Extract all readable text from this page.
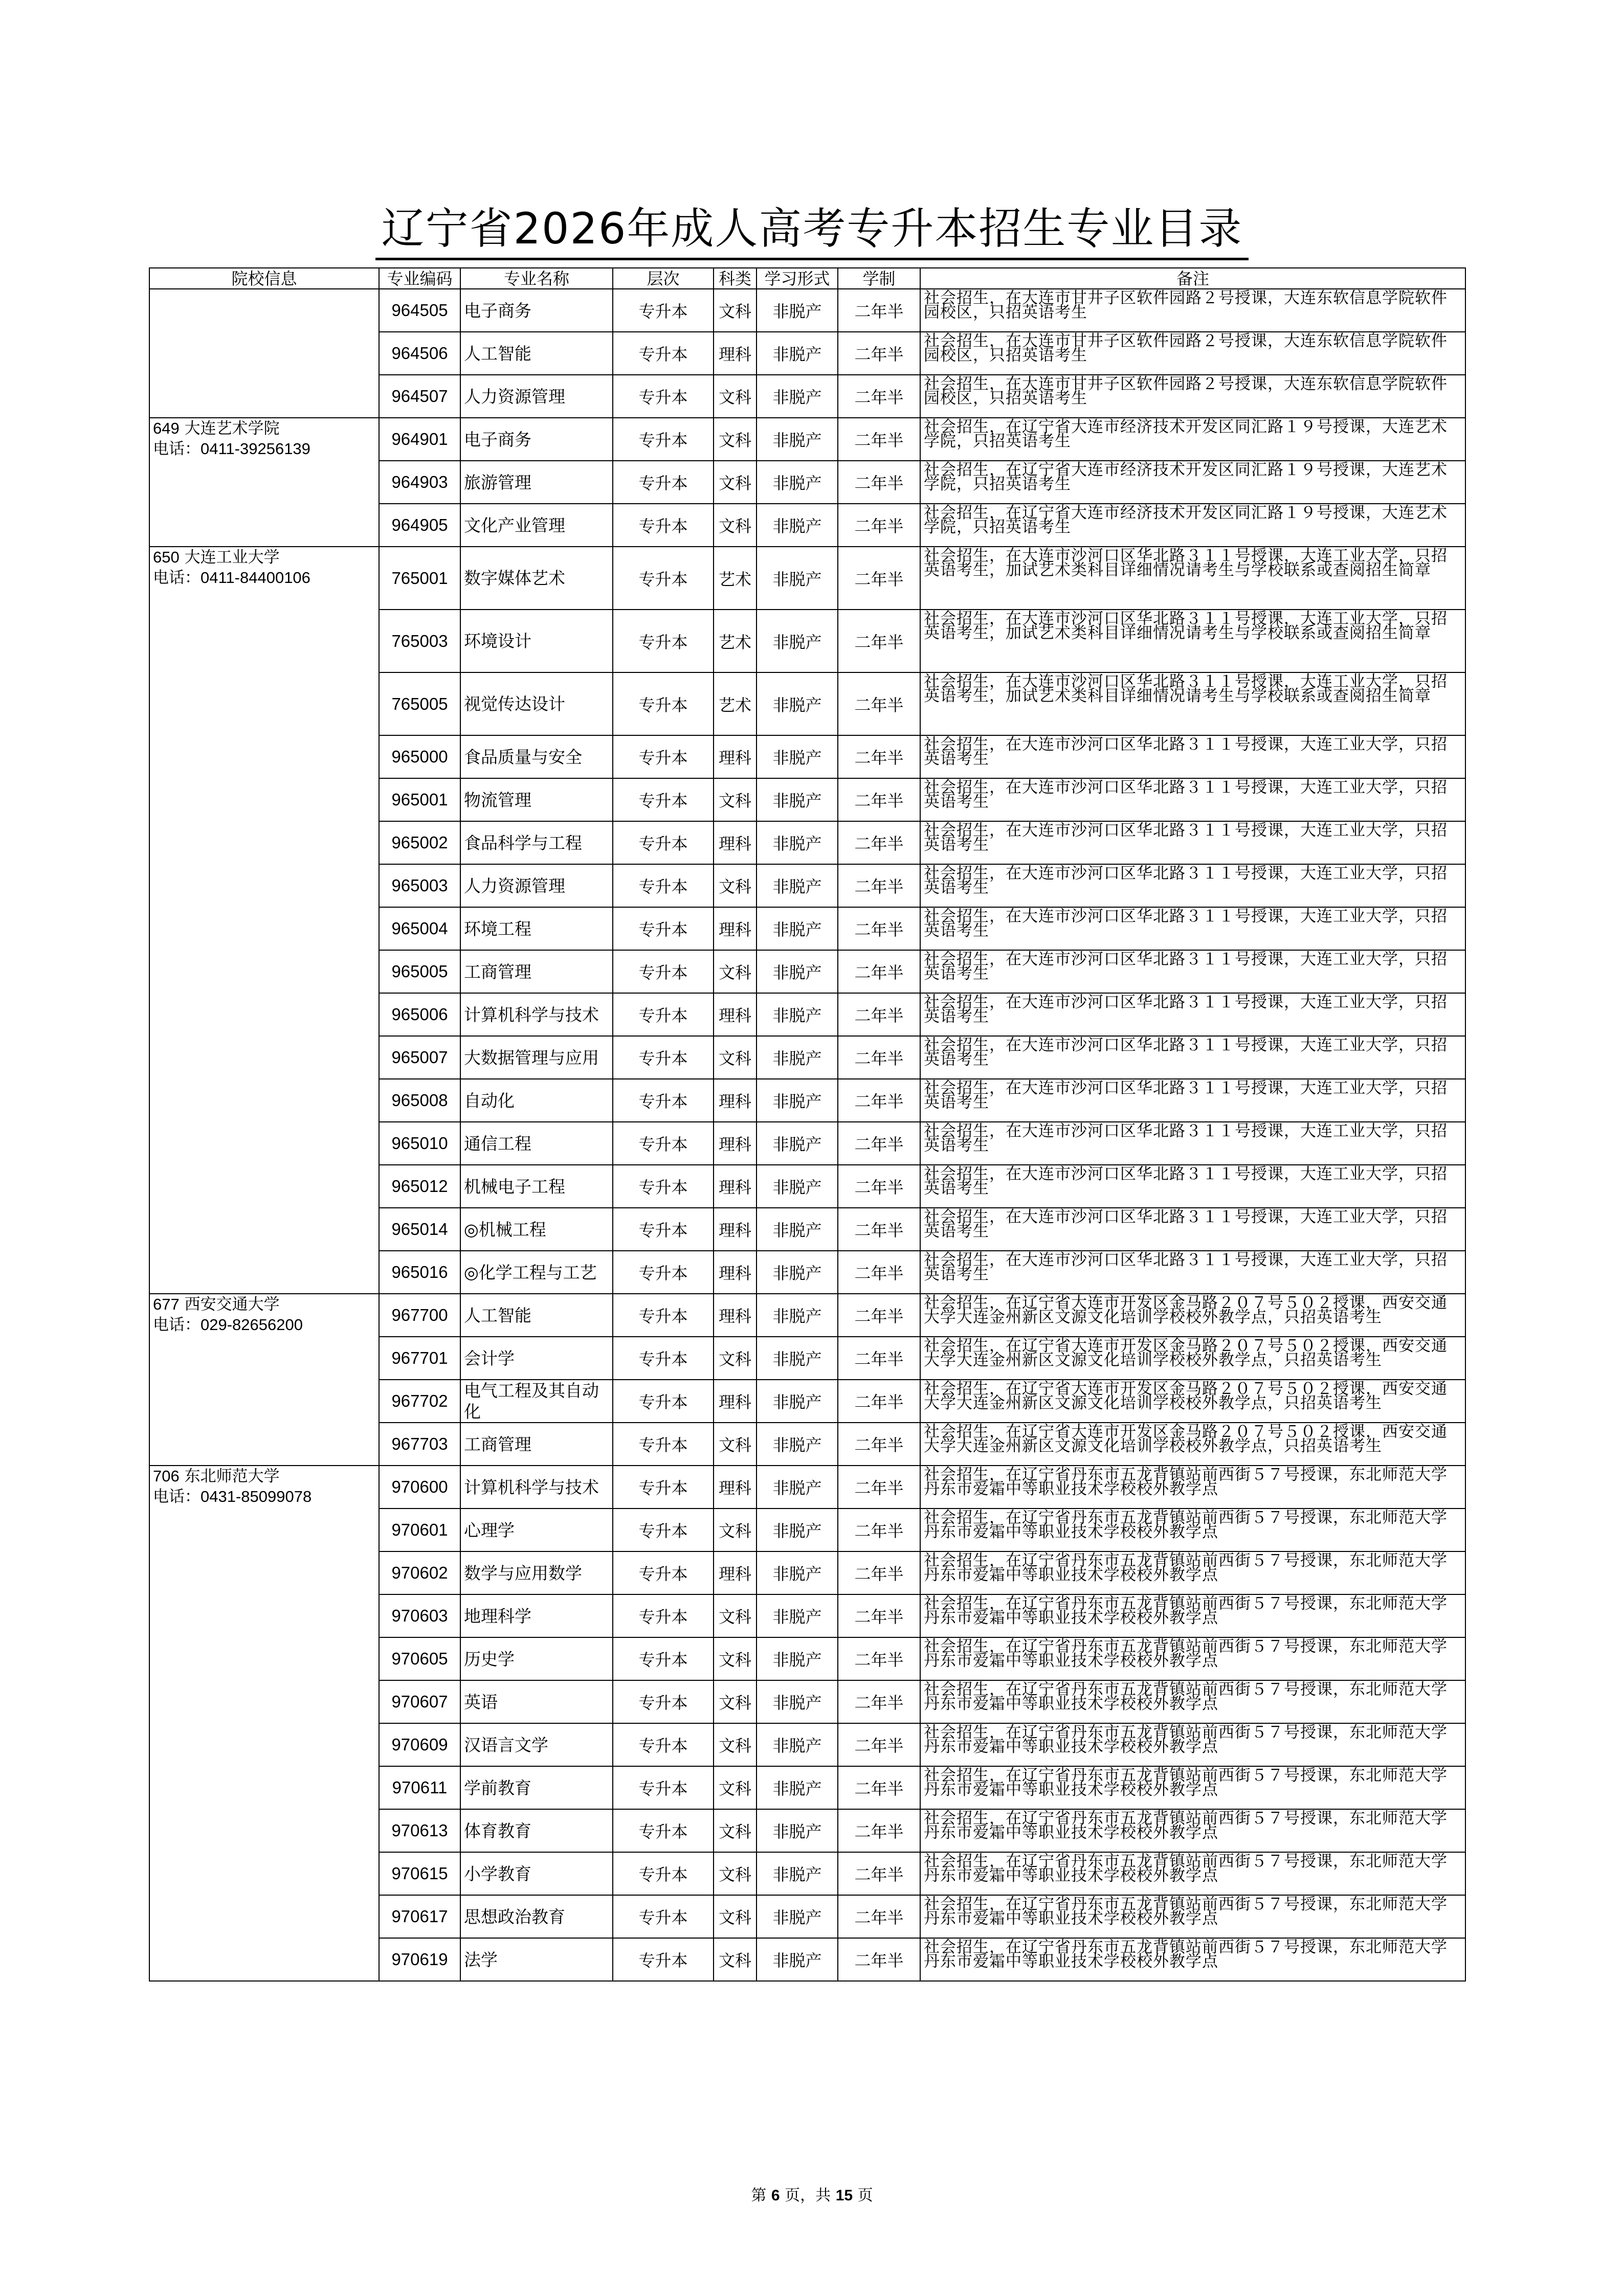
辽宁省2026年成人高考专升本招生专业目录
院校信息	专业编码	专业名称	层次	科类	学习形式	学制	备注

	964505	电子商务	专升本	文科	非脱产	二年半	社会招生，在大连市甘井子区软件园路２号授课，大连东软信息学院软件园校区，只招英语考生
	964506	人工智能	专升本	理科	非脱产	二年半	社会招生，在大连市甘井子区软件园路２号授课，大连东软信息学院软件园校区，只招英语考生
	964507	人力资源管理	专升本	文科	非脱产	二年半	社会招生，在大连市甘井子区软件园路２号授课，大连东软信息学院软件园校区，只招英语考生

649 大连艺术学院
电话：0411-39256139	964901	电子商务	专升本	文科	非脱产	二年半	社会招生，在辽宁省大连市经济技术开发区同汇路１９号授课，大连艺术学院，只招英语考生
	964903	旅游管理	专升本	文科	非脱产	二年半	社会招生，在辽宁省大连市经济技术开发区同汇路１９号授课，大连艺术学院，只招英语考生
	964905	文化产业管理	专升本	文科	非脱产	二年半	社会招生，在辽宁省大连市经济技术开发区同汇路１９号授课，大连艺术学院，只招英语考生

650 大连工业大学
电话：0411-84400106	765001	数字媒体艺术	专升本	艺术	非脱产	二年半	社会招生，在大连市沙河口区华北路３１１号授课，大连工业大学，只招英语考生，加试艺术类科目详细情况请考生与学校联系或查阅招生简章
	765003	环境设计	专升本	艺术	非脱产	二年半	社会招生，在大连市沙河口区华北路３１１号授课，大连工业大学，只招英语考生，加试艺术类科目详细情况请考生与学校联系或查阅招生简章
	765005	视觉传达设计	专升本	艺术	非脱产	二年半	社会招生，在大连市沙河口区华北路３１１号授课，大连工业大学，只招英语考生，加试艺术类科目详细情况请考生与学校联系或查阅招生简章
	965000	食品质量与安全	专升本	理科	非脱产	二年半	社会招生，在大连市沙河口区华北路３１１号授课，大连工业大学，只招英语考生
	965001	物流管理	专升本	文科	非脱产	二年半	社会招生，在大连市沙河口区华北路３１１号授课，大连工业大学，只招英语考生
	965002	食品科学与工程	专升本	理科	非脱产	二年半	社会招生，在大连市沙河口区华北路３１１号授课，大连工业大学，只招英语考生
	965003	人力资源管理	专升本	文科	非脱产	二年半	社会招生，在大连市沙河口区华北路３１１号授课，大连工业大学，只招英语考生
	965004	环境工程	专升本	理科	非脱产	二年半	社会招生，在大连市沙河口区华北路３１１号授课，大连工业大学，只招英语考生
	965005	工商管理	专升本	文科	非脱产	二年半	社会招生，在大连市沙河口区华北路３１１号授课，大连工业大学，只招英语考生
	965006	计算机科学与技术	专升本	理科	非脱产	二年半	社会招生，在大连市沙河口区华北路３１１号授课，大连工业大学，只招英语考生
	965007	大数据管理与应用	专升本	文科	非脱产	二年半	社会招生，在大连市沙河口区华北路３１１号授课，大连工业大学，只招英语考生
	965008	自动化	专升本	理科	非脱产	二年半	社会招生，在大连市沙河口区华北路３１１号授课，大连工业大学，只招英语考生
	965010	通信工程	专升本	理科	非脱产	二年半	社会招生，在大连市沙河口区华北路３１１号授课，大连工业大学，只招英语考生
	965012	机械电子工程	专升本	理科	非脱产	二年半	社会招生，在大连市沙河口区华北路３１１号授课，大连工业大学，只招英语考生
	965014	◎机械工程	专升本	理科	非脱产	二年半	社会招生，在大连市沙河口区华北路３１１号授课，大连工业大学，只招英语考生
	965016	◎化学工程与工艺	专升本	理科	非脱产	二年半	社会招生，在大连市沙河口区华北路３１１号授课，大连工业大学，只招英语考生

677 西安交通大学
电话：029-82656200	967700	人工智能	专升本	理科	非脱产	二年半	社会招生，在辽宁省大连市开发区金马路２０７号５０２授课，西安交通大学大连金州新区文源文化培训学校校外教学点，只招英语考生
	967701	会计学	专升本	文科	非脱产	二年半	社会招生，在辽宁省大连市开发区金马路２０７号５０２授课，西安交通大学大连金州新区文源文化培训学校校外教学点，只招英语考生
	967702	电气工程及其自动化	专升本	理科	非脱产	二年半	社会招生，在辽宁省大连市开发区金马路２０７号５０２授课，西安交通大学大连金州新区文源文化培训学校校外教学点，只招英语考生
	967703	工商管理	专升本	文科	非脱产	二年半	社会招生，在辽宁省大连市开发区金马路２０７号５０２授课，西安交通大学大连金州新区文源文化培训学校校外教学点，只招英语考生

706 东北师范大学
电话：0431-85099078	970600	计算机科学与技术	专升本	理科	非脱产	二年半	社会招生，在辽宁省丹东市五龙背镇站前西街５７号授课，东北师范大学丹东市爱霜中等职业技术学校校外教学点
	970601	心理学	专升本	文科	非脱产	二年半	社会招生，在辽宁省丹东市五龙背镇站前西街５７号授课，东北师范大学丹东市爱霜中等职业技术学校校外教学点
	970602	数学与应用数学	专升本	理科	非脱产	二年半	社会招生，在辽宁省丹东市五龙背镇站前西街５７号授课，东北师范大学丹东市爱霜中等职业技术学校校外教学点
	970603	地理科学	专升本	文科	非脱产	二年半	社会招生，在辽宁省丹东市五龙背镇站前西街５７号授课，东北师范大学丹东市爱霜中等职业技术学校校外教学点
	970605	历史学	专升本	文科	非脱产	二年半	社会招生，在辽宁省丹东市五龙背镇站前西街５７号授课，东北师范大学丹东市爱霜中等职业技术学校校外教学点
	970607	英语	专升本	文科	非脱产	二年半	社会招生，在辽宁省丹东市五龙背镇站前西街５７号授课，东北师范大学丹东市爱霜中等职业技术学校校外教学点
	970609	汉语言文学	专升本	文科	非脱产	二年半	社会招生，在辽宁省丹东市五龙背镇站前西街５７号授课，东北师范大学丹东市爱霜中等职业技术学校校外教学点
	970611	学前教育	专升本	文科	非脱产	二年半	社会招生，在辽宁省丹东市五龙背镇站前西街５７号授课，东北师范大学丹东市爱霜中等职业技术学校校外教学点
	970613	体育教育	专升本	文科	非脱产	二年半	社会招生，在辽宁省丹东市五龙背镇站前西街５７号授课，东北师范大学丹东市爱霜中等职业技术学校校外教学点
	970615	小学教育	专升本	文科	非脱产	二年半	社会招生，在辽宁省丹东市五龙背镇站前西街５７号授课，东北师范大学丹东市爱霜中等职业技术学校校外教学点
	970617	思想政治教育	专升本	文科	非脱产	二年半	社会招生，在辽宁省丹东市五龙背镇站前西街５７号授课，东北师范大学丹东市爱霜中等职业技术学校校外教学点
	970619	法学	专升本	文科	非脱产	二年半	社会招生，在辽宁省丹东市五龙背镇站前西街５７号授课，东北师范大学丹东市爱霜中等职业技术学校校外教学点
第 6 页，共 15 页
